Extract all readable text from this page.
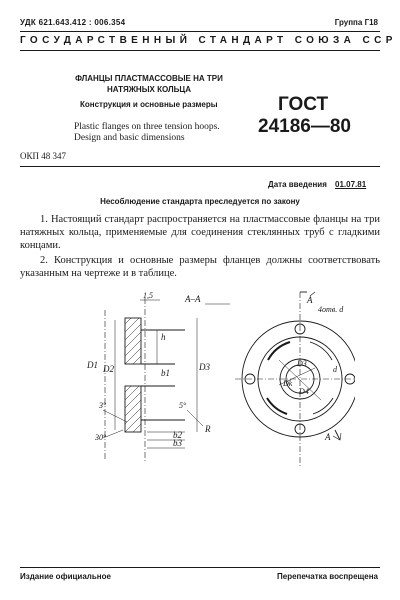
УДК 621.643.412 : 006.354	Группа Г18
ГОСУДАРСТВЕННЫЙ СТАНДАРТ СОЮЗА ССР
ФЛАНЦЫ ПЛАСТМАССОВЫЕ НА ТРИ НАТЯЖНЫХ КОЛЬЦА
Конструкция и основные размеры	ГОСТ
24186—80
Plastic flanges on three tension hoops.
Design and basic dimensions
ОКП 48 347
Дата введения 01.07.81
Несоблюдение стандарта преследуется по закону
1. Настоящий стандарт распространяется на пластмассовые фланцы на три натяжных кольца, применяемые для соединения стеклянных труб с гладкими концами.
2. Конструкция и основные размеры фланцев должны соответствовать указанным на чертеже и в таблице.
А–А
1,5
D1 D2	D3
h
b1
b2
b3
R
3°	5°
30°
A
4отв. d
A
Dk
D3
D4
d
Издание официальное	Перепечатка воспрещена
